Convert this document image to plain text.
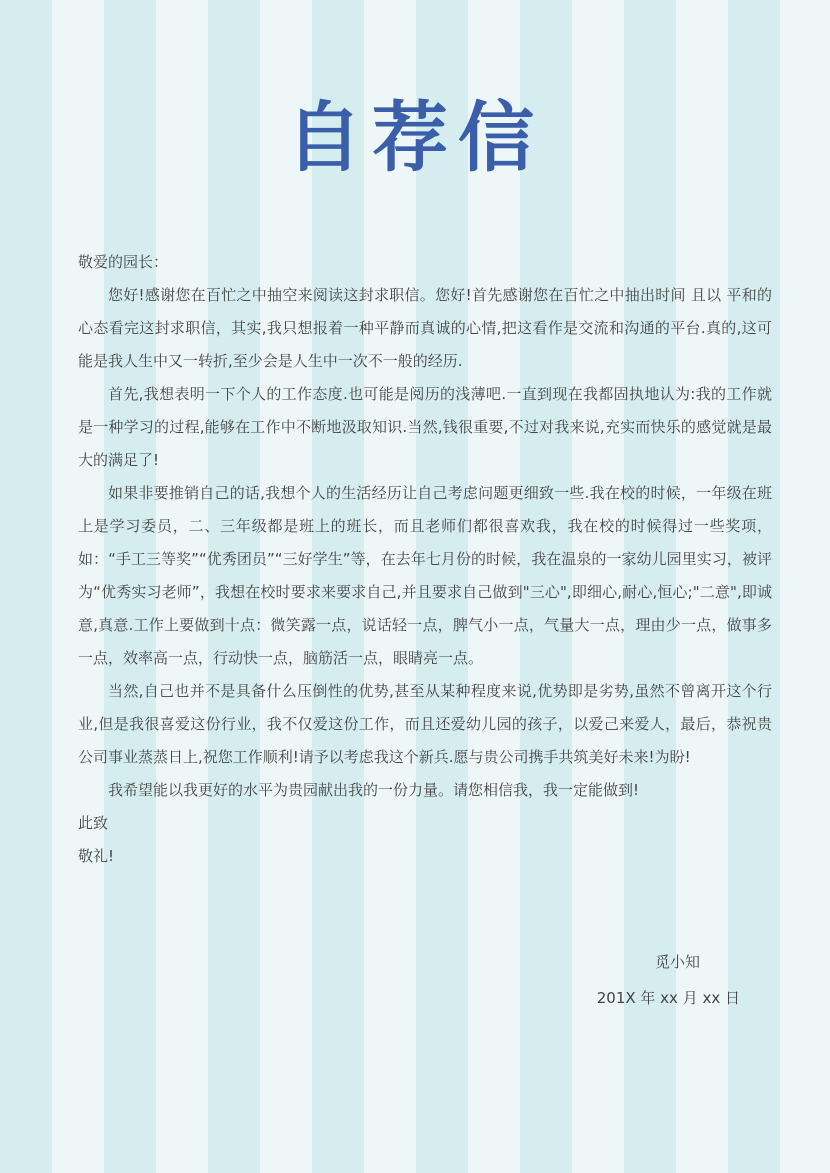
自荐信

敬爱的园长：

您好!感谢您在百忙之中抽空来阅读这封求职信。您好!首先感谢您在百忙之中抽出时间 且以 平和的心态看完这封求职信，其实,我只想报着一种平静而真诚的心情,把这看作是交流和沟通的平台.真的,这可能是我人生中又一转折,至少会是人生中一次不一般的经历.

首先,我想表明一下个人的工作态度.也可能是阅历的浅薄吧.一直到现在我都固执地认为:我的工作就是一种学习的过程,能够在工作中不断地汲取知识.当然,钱很重要,不过对我来说,充实而快乐的感觉就是最大的满足了!

如果非要推销自己的话,我想个人的生活经历让自己考虑问题更细致一些.我在校的时候，一年级在班上是学习委员，二、三年级都是班上的班长，而且老师们都很喜欢我，我在校的时候得过一些奖项，如：“手工三等奖”“优秀团员”“三好学生”等，在去年七月份的时候，我在温泉的一家幼儿园里实习，被评为“优秀实习老师”，我想在校时要求来要求自己,并且要求自己做到"三心",即细心,耐心,恒心;"二意",即诚意,真意.工作上要做到十点：微笑露一点，说话轻一点，脾气小一点，气量大一点，理由少一点，做事多一点，效率高一点，行动快一点，脑筋活一点，眼睛亮一点。

当然,自己也并不是具备什么压倒性的优势,甚至从某种程度来说,优势即是劣势,虽然不曾离开这个行业,但是我很喜爱这份行业，我不仅爱这份工作，而且还爱幼儿园的孩子，以爱己来爱人，最后，恭祝贵公司事业蒸蒸日上,祝您工作顺利!请予以考虑我这个新兵.愿与贵公司携手共筑美好未来!为盼!

我希望能以我更好的水平为贵园献出我的一份力量。请您相信我，我一定能做到!

此致

敬礼!

觅小知
201X 年 xx 月 xx 日
